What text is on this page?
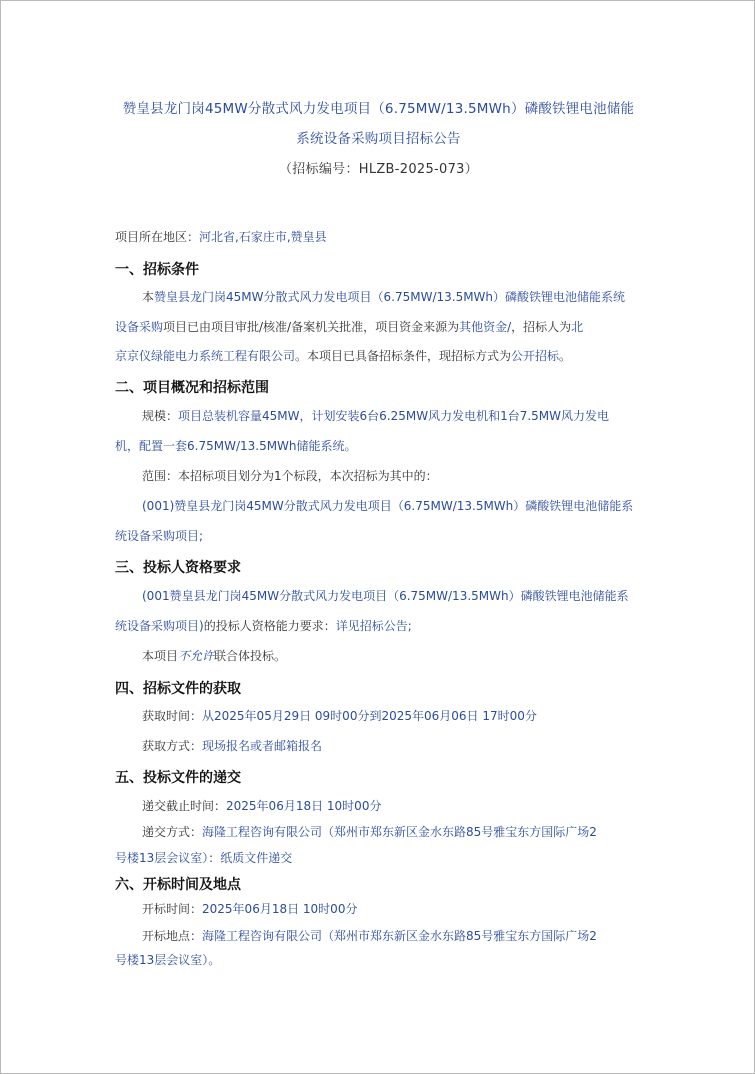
赞皇县龙门岗45MW分散式风力发电项目（6.75MW/13.5MWh）磷酸铁锂电池储能
系统设备采购项目招标公告
（招标编号：HLZB-2025-073）
项目所在地区：河北省,石家庄市,赞皇县
一、招标条件
本赞皇县龙门岗45MW分散式风力发电项目（6.75MW/13.5MWh）磷酸铁锂电池储能系统
设备采购项目已由项目审批/核准/备案机关批准，项目资金来源为其他资金/，招标人为北
京京仪绿能电力系统工程有限公司。本项目已具备招标条件，现招标方式为公开招标。
二、项目概况和招标范围
规模：项目总装机容量45MW，计划安装6台6.25MW风力发电机和1台7.5MW风力发电
机，配置一套6.75MW/13.5MWh储能系统。
范围：本招标项目划分为1个标段，本次招标为其中的：
(001)赞皇县龙门岗45MW分散式风力发电项目（6.75MW/13.5MWh）磷酸铁锂电池储能系
统设备采购项目;
三、投标人资格要求
(001赞皇县龙门岗45MW分散式风力发电项目（6.75MW/13.5MWh）磷酸铁锂电池储能系
统设备采购项目)的投标人资格能力要求：详见招标公告;
本项目不允许联合体投标。
四、招标文件的获取
获取时间：从2025年05月29日 09时00分到2025年06月06日 17时00分
获取方式：现场报名或者邮箱报名
五、投标文件的递交
递交截止时间：2025年06月18日 10时00分
递交方式：海隆工程咨询有限公司（郑州市郑东新区金水东路85号雅宝东方国际广场2
号楼13层会议室）：纸质文件递交
六、开标时间及地点
开标时间：2025年06月18日 10时00分
开标地点：海隆工程咨询有限公司（郑州市郑东新区金水东路85号雅宝东方国际广场2
号楼13层会议室）。
